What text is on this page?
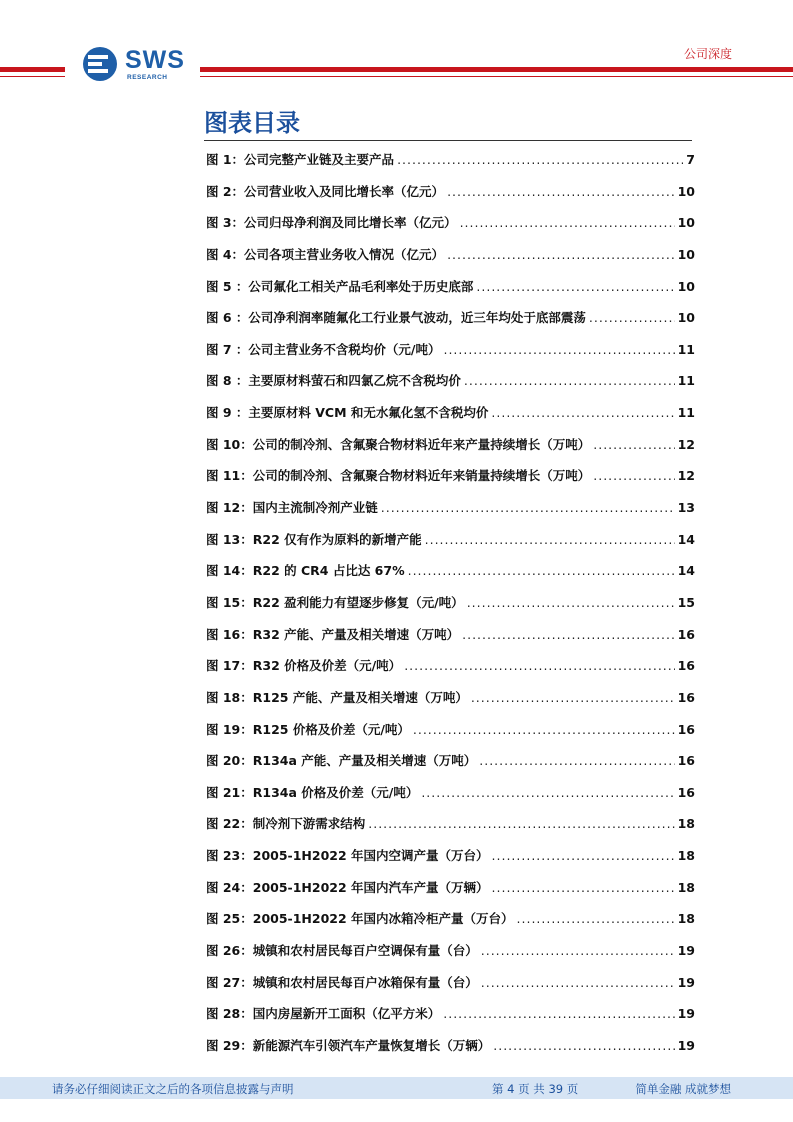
SWS
RESEARCH
公司深度
图表目录
图 1：公司完整产业链及主要产品 .....	7
图 2：公司营业收入及同比增长率（亿元） .....	10
图 3：公司归母净利润及同比增长率（亿元） .....	10
图 4：公司各项主营业务收入情况（亿元） .....	10
图 5 ：公司氟化工相关产品毛利率处于历史底部 .....	10
图 6 ：公司净利润率随氟化工行业景气波动，近三年均处于底部震荡 .....	10
图 7 ：公司主营业务不含税均价（元/吨） .....	11
图 8 ：主要原材料萤石和四氯乙烷不含税均价 .....	11
图 9 ：主要原材料 VCM 和无水氟化氢不含税均价 .....	11
图 10：公司的制冷剂、含氟聚合物材料近年来产量持续增长（万吨） .....	12
图 11：公司的制冷剂、含氟聚合物材料近年来销量持续增长（万吨） .....	12
图 12：国内主流制冷剂产业链 .....	13
图 13：R22 仅有作为原料的新增产能 .....	14
图 14：R22 的 CR4 占比达 67% .....	14
图 15：R22 盈利能力有望逐步修复（元/吨） .....	15
图 16：R32 产能、产量及相关增速（万吨） .....	16
图 17：R32 价格及价差（元/吨） .....	16
图 18：R125 产能、产量及相关增速（万吨） .....	16
图 19：R125 价格及价差（元/吨） .....	16
图 20：R134a 产能、产量及相关增速（万吨） .....	16
图 21：R134a 价格及价差（元/吨） .....	16
图 22：制冷剂下游需求结构 .....	18
图 23：2005-1H2022 年国内空调产量（万台） .....	18
图 24：2005-1H2022 年国内汽车产量（万辆） .....	18
图 25：2005-1H2022 年国内冰箱冷柜产量（万台） .....	18
图 26：城镇和农村居民每百户空调保有量（台） .....	19
图 27：城镇和农村居民每百户冰箱保有量（台） .....	19
图 28：国内房屋新开工面积（亿平方米） .....	19
图 29：新能源汽车引领汽车产量恢复增长（万辆） .....	19
请务必仔细阅读正文之后的各项信息披露与声明	第 4 页 共 39 页	简单金融 成就梦想
